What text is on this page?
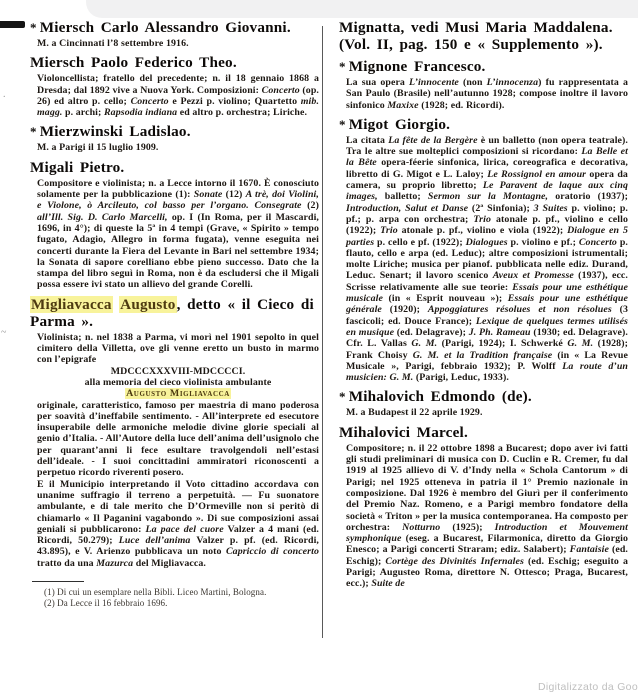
.
~
* Miersch Carlo Alessandro Giovanni.

M. a Cincinnati l’8 settembre 1916.

Miersch Paolo Federico Theo.

Violoncellista; fratello del precedente; n. il 18 gennaio 1868 a Dresda; dal 1892 vive a Nuova York. Composizioni: Concerto (op. 26) ed altro p. cello; Concerto e Pezzi p. violino; Quartetto mib. magg. p. archi; Rapsodia indiana ed altro p. orchestra; Liriche.

* Mierzwinski Ladislao.

M. a Parigi il 15 luglio 1909.

Migali Pietro.

Compositore e violinista; n. a Lecce intorno il 1670. È conosciuto solamente per la pubblicazione (1): Sonate (12) A trè, doi Violini, e Violone, ò Arcileuto, col basso per l’organo. Consegrate (2) all’Ill. Sig. D. Carlo Marcelli, op. I (In Roma, per il Mascardi, 1696, in 4°); di queste la 5ª in 4 tempi (Grave, « Spirito » tempo fugato, Adagio, Allegro in forma fugata), venne eseguita nei concerti durante la Fiera del Levante in Bari nel settembre 1934; la Sonata di sapore corelliano ebbe pieno successo. Dato che la stampa del libro seguì in Roma, non è da escludersi che il Migali possa essere ivi stato un allievo del grande Corelli.

Migliavacca Augusto, detto « il Cieco di Parma ».

Violinista; n. nel 1838 a Parma, vi morì nel 1901 sepolto in quel cimitero della Villetta, ove gli venne eretto un busto in marmo con l’epigrafe

MDCCCXXXVIII-MDCCCCI.

alla memoria del cieco violinista ambulante

Augusto Migliavacca

originale, caratteristico, famoso per maestria di mano poderosa per soavità d’ineffabile sentimento. - All’interprete ed esecutore insuperabile delle armoniche melodie divine glorie speciali al genio d’Italia. - All’Autore della luce dell’anima dell’usignolo che per quarant’anni li fece esultare travolgendoli nell’estasi dell’ideale. - I suoi concittadini ammiratori riconoscenti a perpetuo ricordo riverenti posero.

E il Municipio interpretando il Voto cittadino accordava con unanime suffragio il terreno a perpetuità. — Fu suonatore ambulante, e di tale merito che D’Ormeville non si peritò di chiamarlo « Il Paganini vagabondo ». Di sue composizioni assai geniali si pubblicarono: La pace del cuore Valzer a 4 mani (ed. Ricordi, 50.279); Luce dell’anima Valzer p. pf. (ed. Ricordi, 43.895), e V. Arienzo pubblicava un noto Capriccio di concerto tratto da una Mazurca del Migliavacca.

(1) Di cui un esemplare nella Bibli. Liceo Martini, Bologna.

(2) Da Lecce il 16 febbraio 1696.

Mignatta, vedi Musi Maria Maddalena. (Vol. II, pag. 150 e « Supplemento »).
* Mignone Francesco.

La sua opera L’innocente (non L’innocenza) fu rappresentata a San Paulo (Brasile) nell’autunno 1928; compose inoltre il lavoro sinfonico Maxixe (1928; ed. Ricordi).

* Migot Giorgio.

La citata La fête de la Bergère è un balletto (non opera teatrale). Tra le altre sue molteplici composizioni si ricordano: La Belle et la Bête opera-féerie sinfonica, lirica, coreografica e decorativa, libretto di G. Migot e L. Laloy; Le Rossignol en amour opera da camera, su proprio libretto; Le Paravent de laque aux cinq images, balletto; Sermon sur la Montagne, oratorio (1937); Introduction, Salut et Danse (2ª Sinfonia); 3 Suites p. violino; p. pf.; p. arpa con orchestra; Trio atonale p. pf., violino e cello (1922); Trio atonale p. pf., violino e viola (1922); Dialogue en 5 parties p. cello e pf. (1922); Dialogues p. violino e pf.; Concerto p. flauto, cello e arpa (ed. Leduc); altre composizioni istrumentali; molte Liriche; musica per pianof. pubblicata nelle ediz. Durand, Leduc. Senart; il lavoro scenico Aveux et Promesse (1937), ecc. Scrisse relativamente alle sue teorie: Essais pour une esthétique musicale (in « Esprit nouveau »); Essais pour une esthétique générale (1920); Appoggiatures résolues et non résolues (3 fascicoli; ed. Douce France); Lexique de quelques termes utilisés en musique (ed. Delagrave); J. Ph. Rameau (1930; ed. Delagrave). Cfr. L. Vallas G. M. (Parigi, 1924); I. Schwerké G. M. (1928); Frank Choisy G. M. et la Tradition française (in « La Revue Musicale », Parigi, febbraio 1932); P. Wolff La route d’un musicien: G. M. (Parigi, Leduc, 1933).

* Mihalovich Edmondo (de).

M. a Budapest il 22 aprile 1929.

Mihalovici Marcel.

Compositore; n. il 22 ottobre 1898 a Bucarest; dopo aver ivi fatti gli studi preliminari di musica con D. Cuclin e R. Cremer, fu dal 1919 al 1925 allievo di V. d’Indy nella « Schola Cantorum » di Parigi; nel 1925 otteneva in patria il 1° Premio nazionale in composizione. Dal 1926 è membro del Giurì per il conferimento del Premio Naz. Romeno, e a Parigi membro fondatore della società « Triton » per la musica contemporanea. Ha composto per orchestra: Notturno (1925); Introduction et Mouvement symphonique (eseg. a Bucarest, Filarmonica, diretto da Giorgio Enesco; a Parigi concerti Straram; ediz. Salabert); Fantaisie (ed. Eschig); Cortège des Divinités Infernales (ed. Eschig; eseguito a Parigi; Augusteo Roma, direttore N. Ottesco; Praga, Bucarest, ecc.); Suite de

Digitalizzato da Goo
